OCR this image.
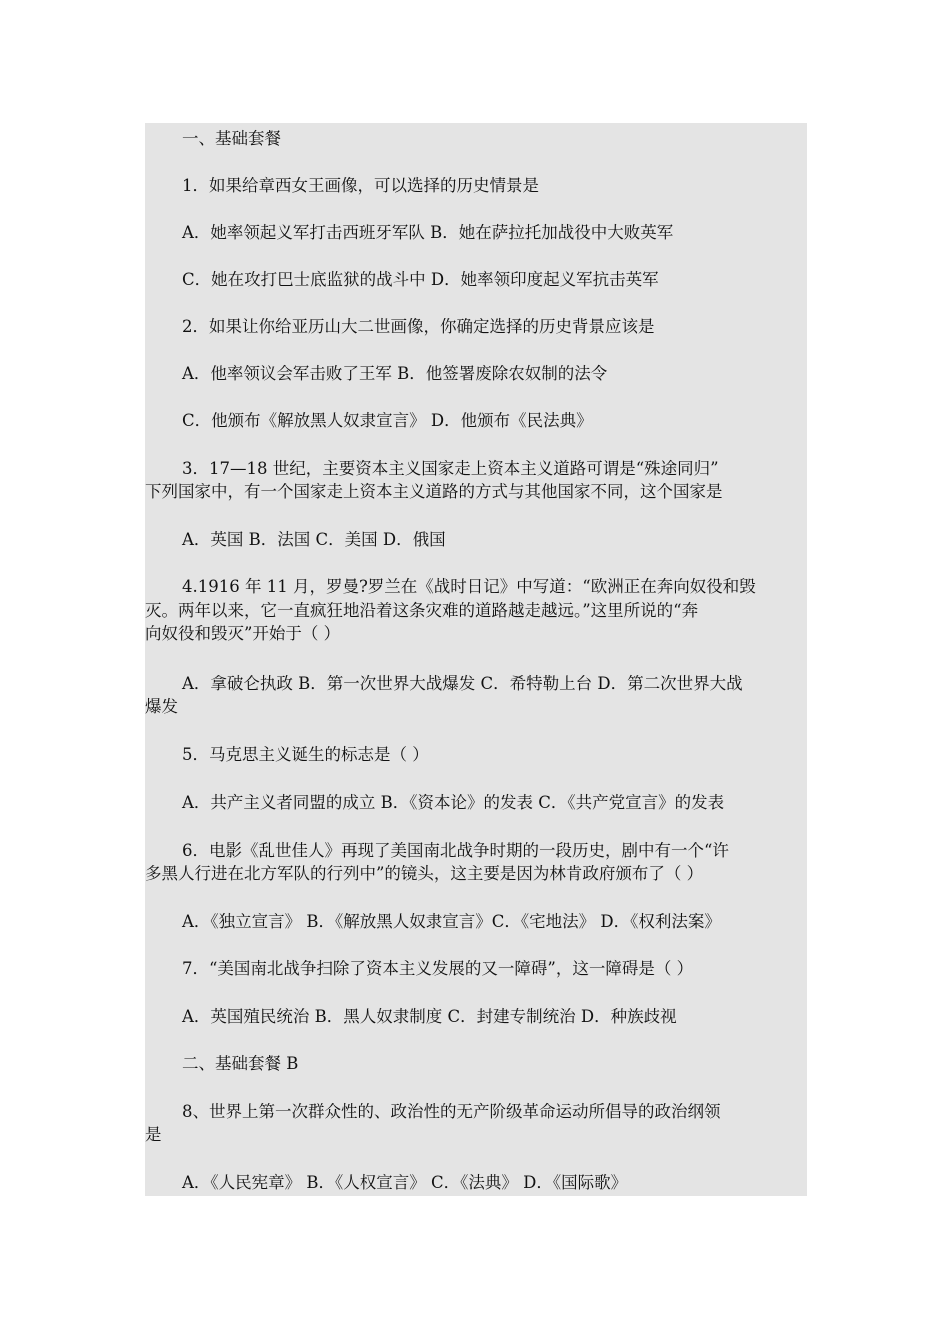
一、基础套餐

1．如果给章西女王画像，可以选择的历史情景是

A．她率领起义军打击西班牙军队 B．她在萨拉托加战役中大败英军

C．她在攻打巴士底监狱的战斗中 D．她率领印度起义军抗击英军

2．如果让你给亚历山大二世画像，你确定选择的历史背景应该是

A．他率领议会军击败了王军 B．他签署废除农奴制的法令

C．他颁布《解放黑人奴隶宣言》 D．他颁布《民法典》

3．17—18 世纪，主要资本主义国家走上资本主义道路可谓是“殊途同归”

下列国家中，有一个国家走上资本主义道路的方式与其他国家不同，这个国家是

A．英国 B．法国 C．美国 D．俄国

4.1916 年 11 月，罗曼?罗兰在《战时日记》中写道：“欧洲正在奔向奴役和毁

灭。两年以来，它一直疯狂地沿着这条灾难的道路越走越远。”这里所说的“奔

向奴役和毁灭”开始于（ ）

A．拿破仑执政 B．第一次世界大战爆发 C．希特勒上台 D．第二次世界大战

爆发

5．马克思主义诞生的标志是（ ）

A．共产主义者同盟的成立 B．《资本论》的发表 C．《共产党宣言》的发表

6．电影《乱世佳人》再现了美国南北战争时期的一段历史，剧中有一个“许

多黑人行进在北方军队的行列中”的镜头，这主要是因为林肯政府颁布了（ ）

A．《独立宣言》 B．《解放黑人奴隶宣言》C．《宅地法》 D．《权利法案》

7．“美国南北战争扫除了资本主义发展的又一障碍”，这一障碍是（ ）

A．英国殖民统治 B．黑人奴隶制度 C．封建专制统治 D．种族歧视

二、基础套餐 B

8、世界上第一次群众性的、政治性的无产阶级革命运动所倡导的政治纲领

是

A．《人民宪章》 B．《人权宣言》 C．《法典》 D．《国际歌》
